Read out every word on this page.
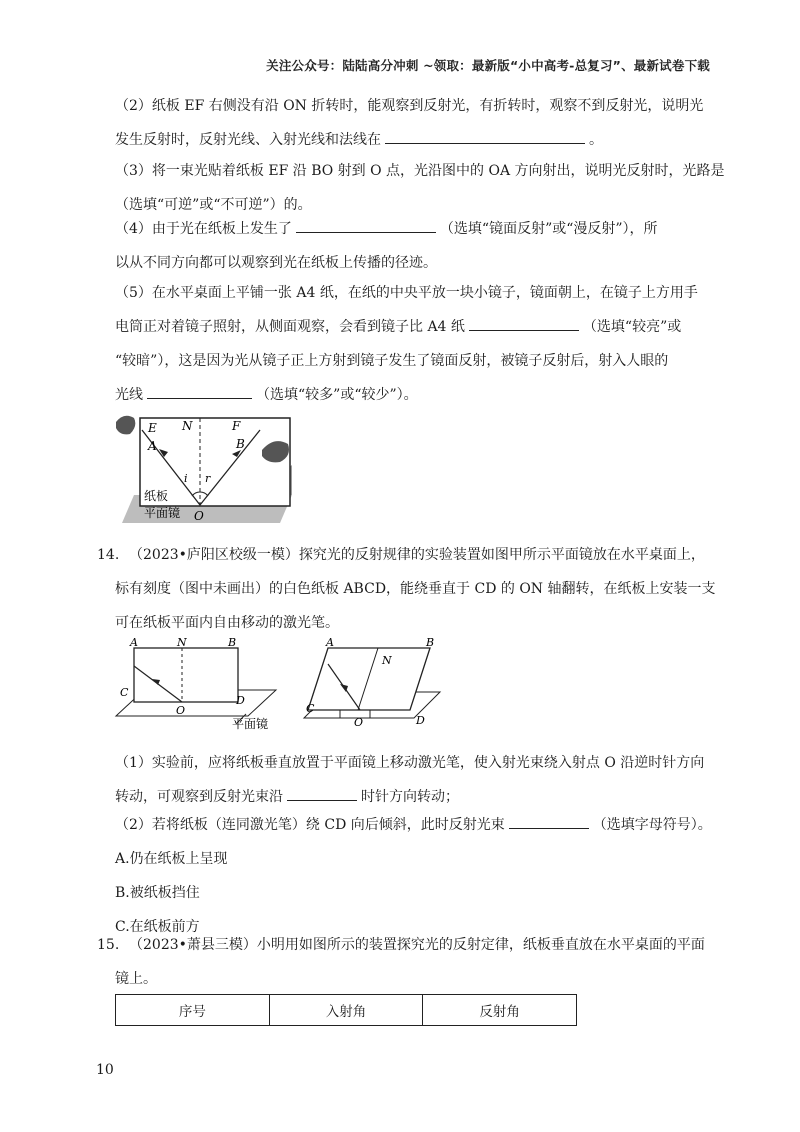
关注公众号：陆陆高分冲刺 ~领取：最新版“小中高考-总复习”、最新试卷下载
（2）纸板 EF 右侧没有沿 ON 折转时，能观察到反射光，有折转时，观察不到反射光，说明光
发生反射时，反射光线、入射光线和法线在	。
（3）将一束光贴着纸板 EF 沿 BO 射到 O 点，光沿图中的 OA 方向射出，说明光反射时，光路是
（选填“可逆”或“不可逆”）的。
（4）由于光在纸板上发生了	（选填“镜面反射”或“漫反射”），所
以从不同方向都可以观察到光在纸板上传播的径迹。
（5）在水平桌面上平铺一张 A4 纸，在纸的中央平放一块小镜子，镜面朝上，在镜子上方用手
电筒正对着镜子照射，从侧面观察，会看到镜子比 A4 纸	（选填“较亮”或
“较暗”），这是因为光从镜子正上方射到镜子发生了镜面反射，被镜子反射后，射入人眼的
光线	（选填“较多”或“较少”）。
E N	F
A	B
i r
O
纸板
平面镜
14. （2023•庐阳区校级一模）探究光的反射规律的实验装置如图甲所示平面镜放在水平桌面上，
标有刻度（图中未画出）的白色纸板 ABCD，能绕垂直于 CD 的 ON 轴翻转，在纸板上安装一支
可在纸板平面内自由移动的激光笔。
A	N	B
C
D
O
平面镜
A
N
B
C
D
O
（1）实验前，应将纸板垂直放置于平面镜上移动激光笔，使入射光束绕入射点 O 沿逆时针方向
转动，可观察到反射光束沿	时针方向转动；
（2）若将纸板（连同激光笔）绕 CD 向后倾斜，此时反射光束	（选填字母符号）。
A.仍在纸板上呈现
B.被纸板挡住
C.在纸板前方
15. （2023•萧县三模）小明用如图所示的装置探究光的反射定律，纸板垂直放在水平桌面的平面
镜上。
序号	入射角	反射角
10
